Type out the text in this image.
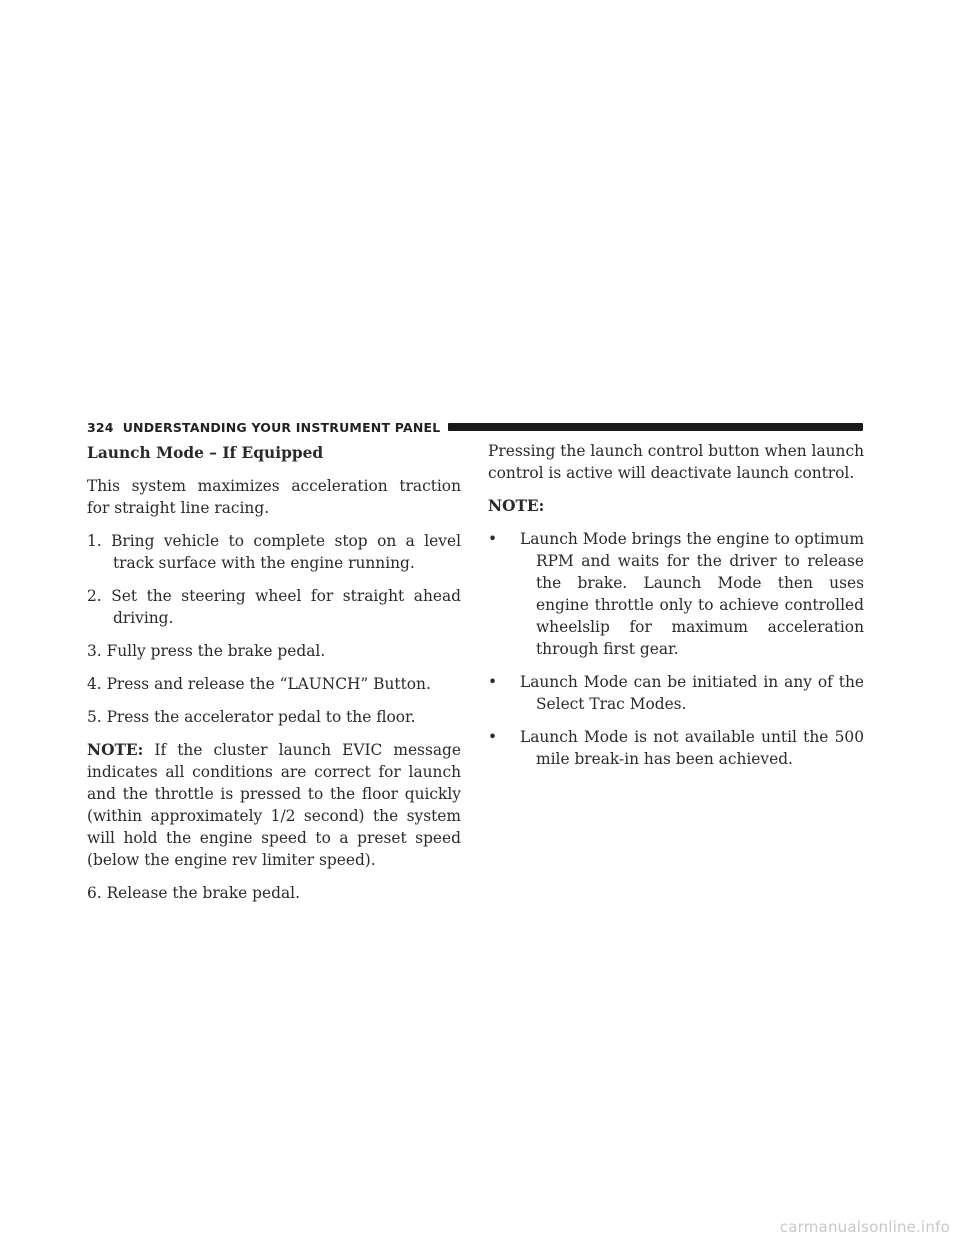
324 UNDERSTANDING YOUR INSTRUMENT PANEL

Launch Mode – If Equipped

This system maximizes acceleration traction for straight line racing.

1. Bring vehicle to complete stop on a level track surface with the engine running.

2. Set the steering wheel for straight ahead driving.

3. Fully press the brake pedal.

4. Press and release the “LAUNCH” Button.

5. Press the accelerator pedal to the floor.

NOTE: If the cluster launch EVIC message indicates all conditions are correct for launch and the throttle is pressed to the floor quickly (within approximately 1/2 second) the system will hold the engine speed to a preset speed (below the engine rev limiter speed).

6. Release the brake pedal.

Pressing the launch control button when launch control is active will deactivate launch control.

NOTE:

• Launch Mode brings the engine to optimum RPM and waits for the driver to release the brake. Launch Mode then uses engine throttle only to achieve controlled wheelslip for maximum acceleration through first gear.

• Launch Mode can be initiated in any of the Select Trac Modes.

• Launch Mode is not available until the 500 mile break-in has been achieved.

carmanualsonline.info
